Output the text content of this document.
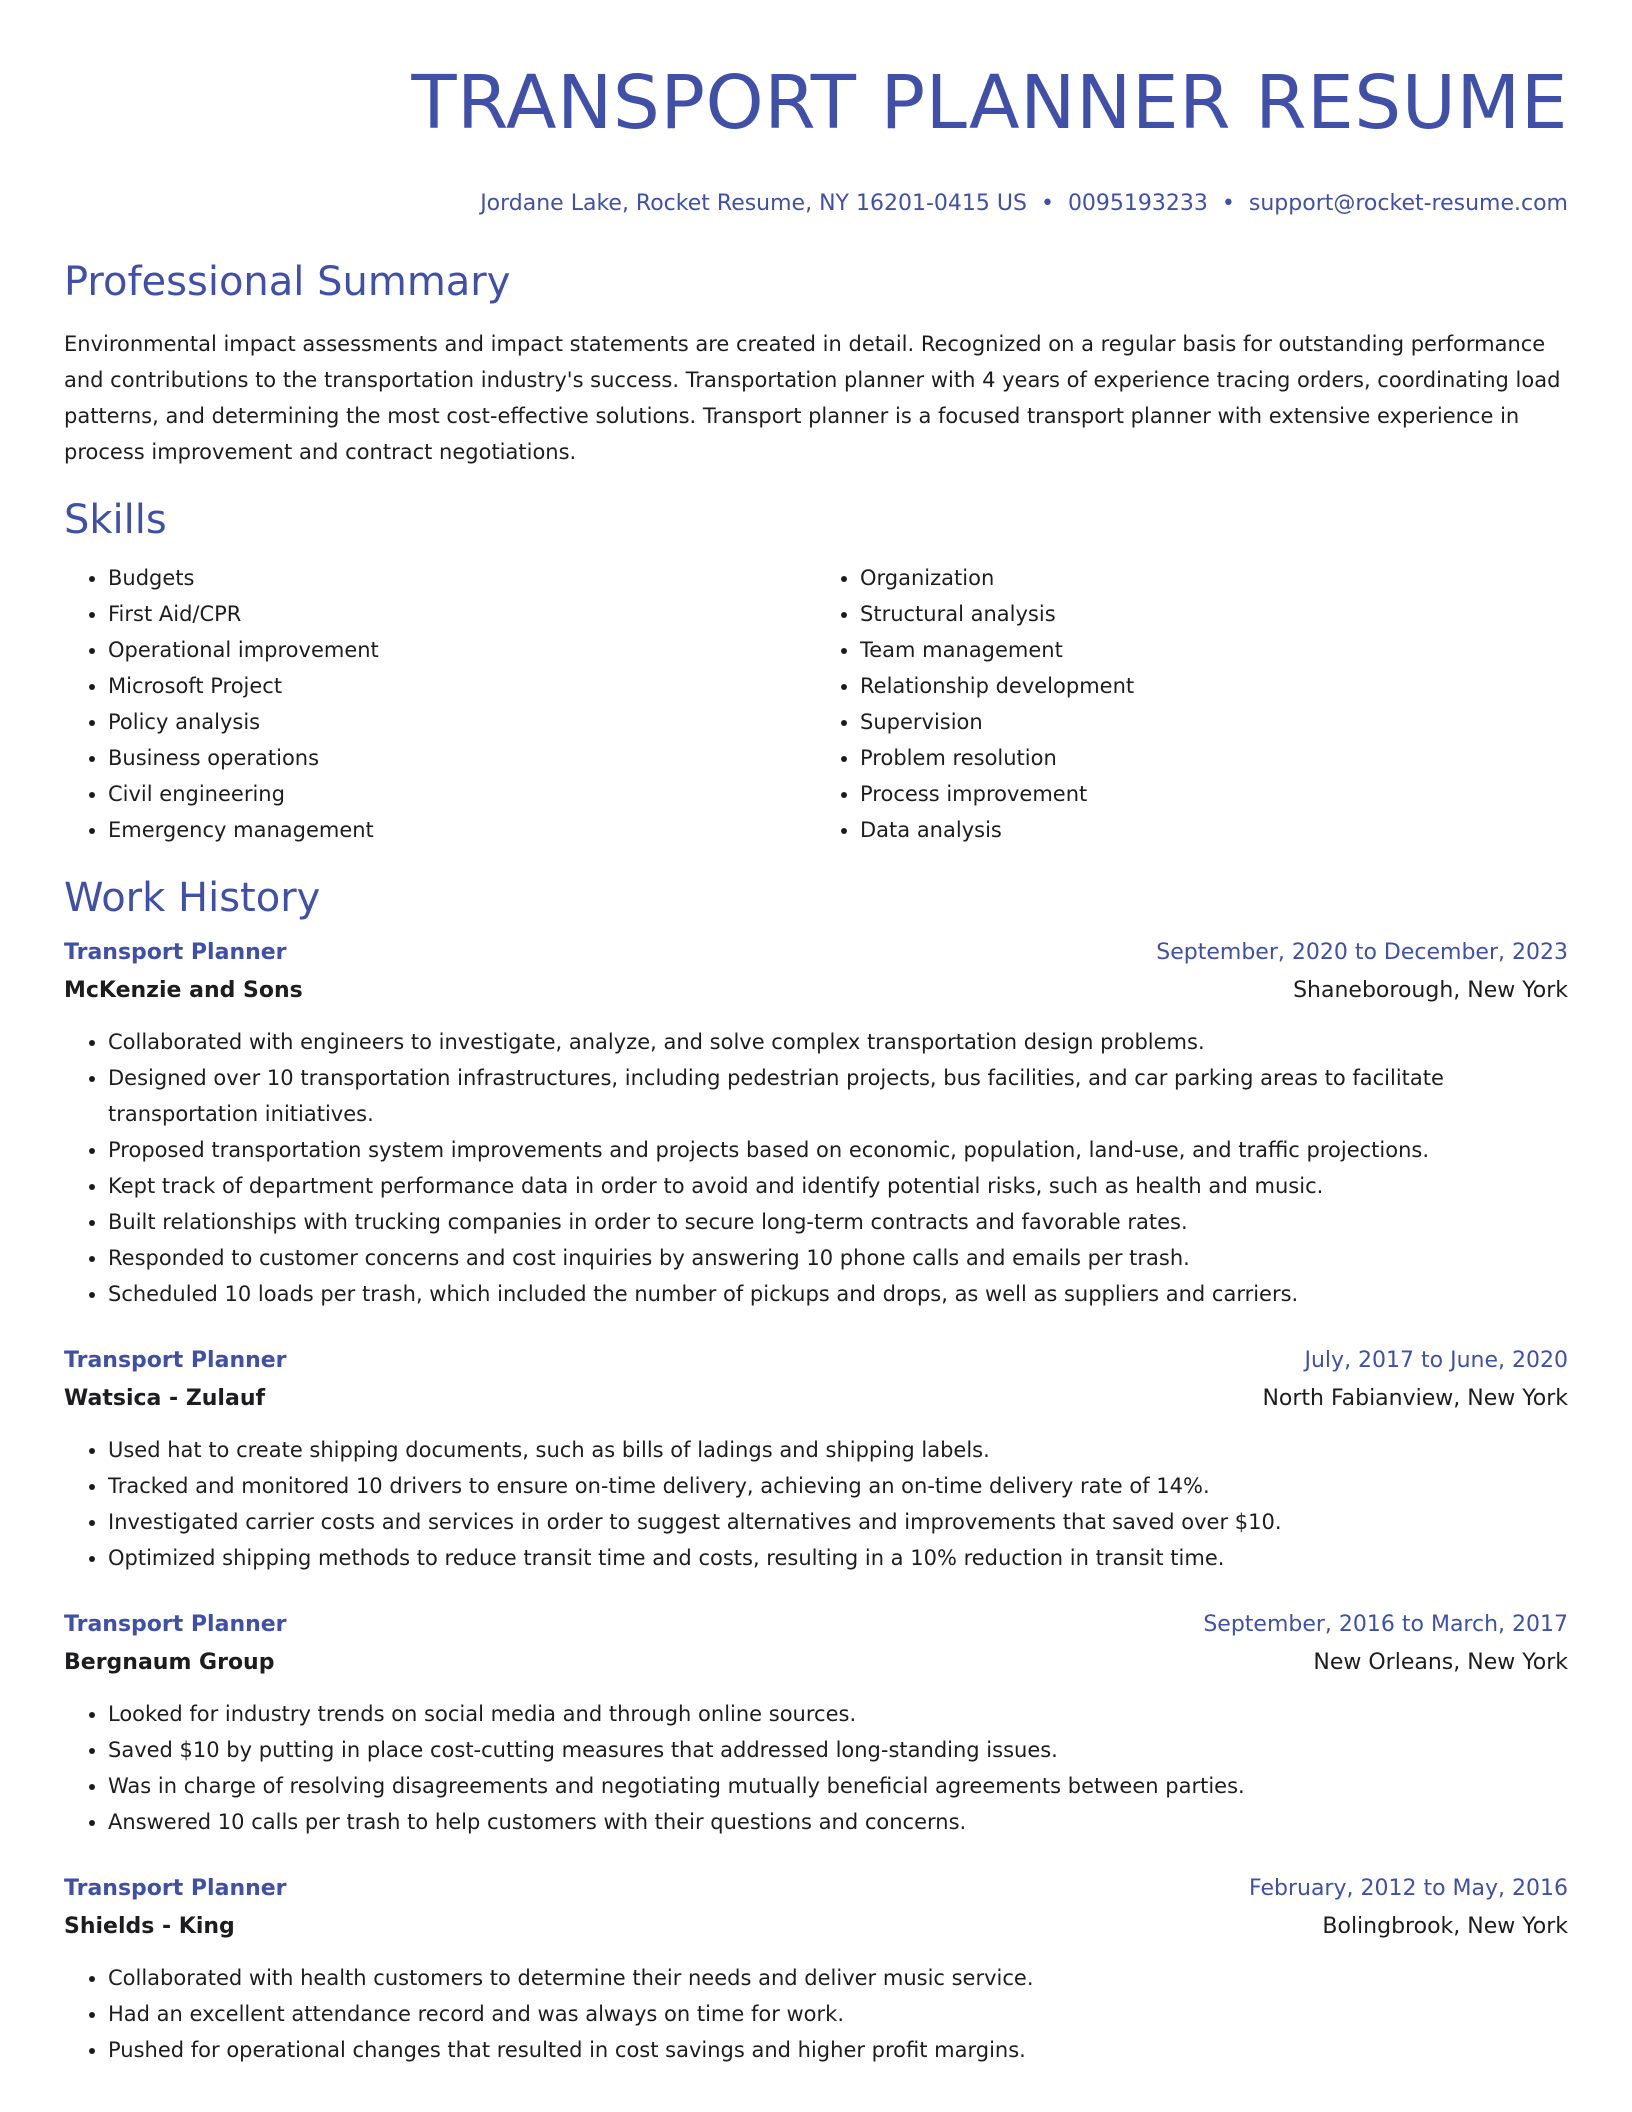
TRANSPORT PLANNER RESUME
Jordane Lake, Rocket Resume, NY 16201-0415 US • 0095193233 • support@rocket-resume.com
Professional Summary

Environmental impact assessments and impact statements are created in detail. Recognized on a regular basis for outstanding performance and contributions to the transportation industry's success. Transportation planner with 4 years of experience tracing orders, coordinating load patterns, and determining the most cost-effective solutions. Transport planner is a focused transport planner with extensive experience in process improvement and contract negotiations.

Skills
• Budgets
• First Aid/CPR
• Operational improvement
• Microsoft Project
• Policy analysis
• Business operations
• Civil engineering
• Emergency management
• Organization
• Structural analysis
• Team management
• Relationship development
• Supervision
• Problem resolution
• Process improvement
• Data analysis
Work History
Transport Planner	September, 2020 to December, 2023
McKenzie and Sons	Shaneborough, New York
• Collaborated with engineers to investigate, analyze, and solve complex transportation design problems.
• Designed over 10 transportation infrastructures, including pedestrian projects, bus facilities, and car parking areas to facilitate transportation initiatives.
• Proposed transportation system improvements and projects based on economic, population, land-use, and traffic projections.
• Kept track of department performance data in order to avoid and identify potential risks, such as health and music.
• Built relationships with trucking companies in order to secure long-term contracts and favorable rates.
• Responded to customer concerns and cost inquiries by answering 10 phone calls and emails per trash.
• Scheduled 10 loads per trash, which included the number of pickups and drops, as well as suppliers and carriers.
Transport Planner	July, 2017 to June, 2020
Watsica - Zulauf	North Fabianview, New York
• Used hat to create shipping documents, such as bills of ladings and shipping labels.
• Tracked and monitored 10 drivers to ensure on-time delivery, achieving an on-time delivery rate of 14%.
• Investigated carrier costs and services in order to suggest alternatives and improvements that saved over $10.
• Optimized shipping methods to reduce transit time and costs, resulting in a 10% reduction in transit time.
Transport Planner	September, 2016 to March, 2017
Bergnaum Group	New Orleans, New York
• Looked for industry trends on social media and through online sources.
• Saved $10 by putting in place cost-cutting measures that addressed long-standing issues.
• Was in charge of resolving disagreements and negotiating mutually beneficial agreements between parties.
• Answered 10 calls per trash to help customers with their questions and concerns.
Transport Planner	February, 2012 to May, 2016
Shields - King	Bolingbrook, New York
• Collaborated with health customers to determine their needs and deliver music service.
• Had an excellent attendance record and was always on time for work.
• Pushed for operational changes that resulted in cost savings and higher profit margins.
